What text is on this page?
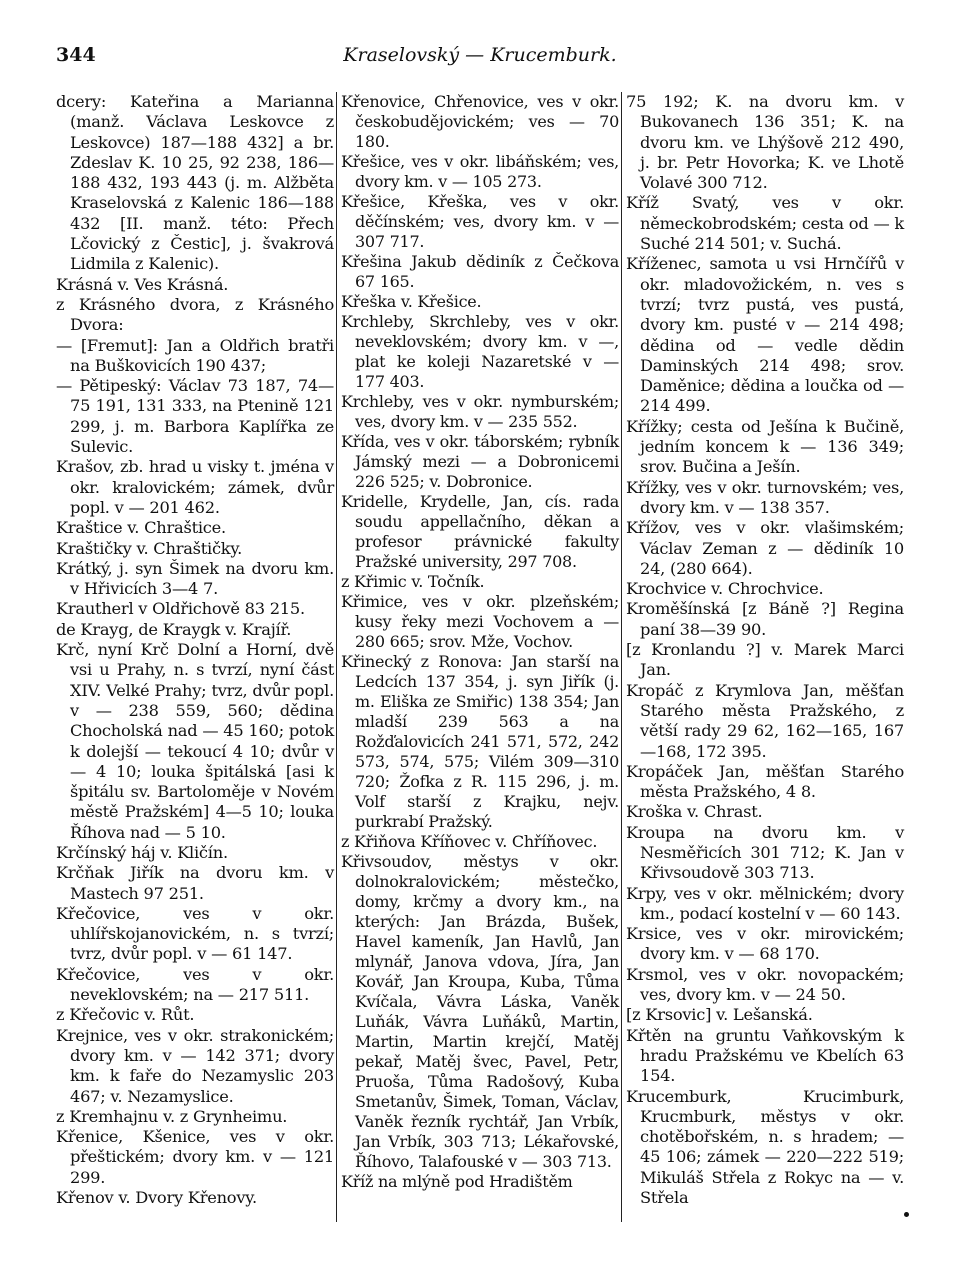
344	Kraselovský — Krucemburk.

dcery: Kateřina a Marianna (manž. Václava Leskovce z Leskovce) 187—188 432] a br. Zdeslav K. 10 25, 92 238, 186—188 432, 193 443 (j. m. Alžběta Kraselovská z Kalenic 186—188 432 [II. manž. této: Přech Lčovický z Čestic], j. švakrová Lidmila z Kalenic).

Krásná v. Ves Krásná.

z Krásného dvora, z Krásného Dvora:

— [Fremut]: Jan a Oldřich bratři na Buškovicích 190 437;

— Pětipeský: Václav 73 187, 74—75 191, 131 333, na Ptenině 121 299, j. m. Barbora Kaplířka ze Sulevic.

Krašov, zb. hrad u visky t. jména v okr. kralovickém; zámek, dvůr popl. v — 201 462.

Kraštice v. Chraštice.

Kraštičky v. Chraštičky.

Krátký, j. syn Šimek na dvoru km. v Hřivicích 3—4 7.

Krautherl v Oldřichově 83 215.

de Krayg, de Kraygk v. Krajíř.

Krč, nyní Krč Dolní a Horní, dvě vsi u Prahy, n. s tvrzí, nyní část XIV. Velké Prahy; tvrz, dvůr popl. v — 238 559, 560; dědina Chocholská nad — 45 160; potok k dolejší — tekoucí 4 10; dvůr v — 4 10; louka špitálská [asi k špitálu sv. Bartoloměje v Novém městě Pražském] 4—5 10; louka Říhova nad — 5 10.

Krčínský háj v. Kličín.

Krčňak Jiřík na dvoru km. v Mastech 97 251.

Křečovice, ves v okr. uhlířskojanovickém, n. s tvrzí; tvrz, dvůr popl. v — 61 147.

Křečovice, ves v okr. neveklovském; na — 217 511.

z Křečovic v. Růt.

Krejnice, ves v okr. strakonickém; dvory km. v — 142 371; dvory km. k faře do Nezamyslic 203 467; v. Nezamyslice.

z Kremhajnu v. z Grynheimu.

Křenice, Kšenice, ves v okr. přeštickém; dvory km. v — 121 299.

Křenov v. Dvory Křenovy.

Křenovice, Chřenovice, ves v okr. českobudějovickém; ves — 70 180.

Křešice, ves v okr. libáňském; ves, dvory km. v — 105 273.

Křešice, Křeška, ves v okr. děčínském; ves, dvory km. v — 307 717.

Křešina Jakub dědiník z Čečkova 67 165.

Křeška v. Křešice.

Krchleby, Skrchleby, ves v okr. neveklovském; dvory km. v —, plat ke koleji Nazaretské v — 177 403.

Krchleby, ves v okr. nymburském; ves, dvory km. v — 235 552.

Křída, ves v okr. táborském; rybník Jámský mezi — a Dobronicemi 226 525; v. Dobronice.

Kridelle, Krydelle, Jan, cís. rada soudu appellačního, děkan a profesor právnické fakulty Pražské university, 297 708.

z Křimic v. Točník.

Křimice, ves v okr. plzeňském; kusy řeky mezi Vochovem a — 280 665; srov. Mže, Vochov.

Křinecký z Ronova: Jan starší na Ledcích 137 354, j. syn Jiřík (j. m. Eliška ze Smiřic) 138 354; Jan mladší 239 563 a na Rožďalovicích 241 571, 572, 242 573, 574, 575; Vilém 309—310 720; Žofka z R. 115 296, j. m. Volf starší z Krajku, nejv. purkrabí Pražský.

z Křiňova Kříňovec v. Chříňovec.

Křivsoudov, městys v okr. dolnokralovickém; městečko, domy, krčmy a dvory km., na kterých: Jan Brázda, Bušek, Havel kameník, Jan Havlů, Jan mlynář, Janova vdova, Jíra, Jan Kovář, Jan Kroupa, Kuba, Tůma Kvíčala, Vávra Láska, Vaněk Luňák, Vávra Luňáků, Martin, Martin, Martin krejčí, Matěj pekař, Matěj švec, Pavel, Petr, Pruoša, Tůma Radošový, Kuba Smetanův, Šimek, Toman, Václav, Vaněk řezník rychtář, Jan Vrbík, Jan Vrbík, 303 713; Lékařovské, Říhovo, Talafouské v — 303 713.

Kříž na mlýně pod Hradištěm

75 192; K. na dvoru km. v Bukovanech 136 351; K. na dvoru km. ve Lhýšově 212 490, j. br. Petr Hovorka; K. ve Lhotě Volavé 300 712.

Kříž Svatý, ves v okr. německobrodském; cesta od — k Suché 214 501; v. Suchá.

Kříženec, samota u vsi Hrnčířů v okr. mladovožickém, n. ves s tvrzí; tvrz pustá, ves pustá, dvory km. pusté v — 214 498; dědina od — vedle dědin Daminských 214 498; srov. Daměnice; dědina a loučka od — 214 499.

Křížky; cesta od Ješína k Bučině, jedním koncem k — 136 349; srov. Bučina a Ješín.

Křížky, ves v okr. turnovském; ves, dvory km. v — 138 357.

Křížov, ves v okr. vlašimském; Václav Zeman z — dědiník 10 24, (280 664).

Krochvice v. Chrochvice.

Kroměšínská [z Báně ?] Regina paní 38—39 90.

[z Kronlandu ?] v. Marek Marci Jan.

Kropáč z Krymlova Jan, měšťan Starého města Pražského, z větší rady 29 62, 162—165, 167—168, 172 395.

Kropáček Jan, měšťan Starého města Pražského, 4 8.

Kroška v. Chrast.

Kroupa na dvoru km. v Nesměřicích 301 712; K. Jan v Křivsoudově 303 713.

Krpy, ves v okr. mělnickém; dvory km., podací kostelní v — 60 143.

Krsice, ves v okr. mirovickém; dvory km. v — 68 170.

Krsmol, ves v okr. novopackém; ves, dvory km. v — 24 50.

[z Krsovic] v. Lešanská.

Křtěn na gruntu Vaňkovským k hradu Pražskému ve Kbelích 63 154.

Krucemburk, Krucimburk, Krucmburk, městys v okr. chotěbořském, n. s hradem; — 45 106; zámek — 220—222 519; Mikuláš Střela z Rokyc na — v. Střela
